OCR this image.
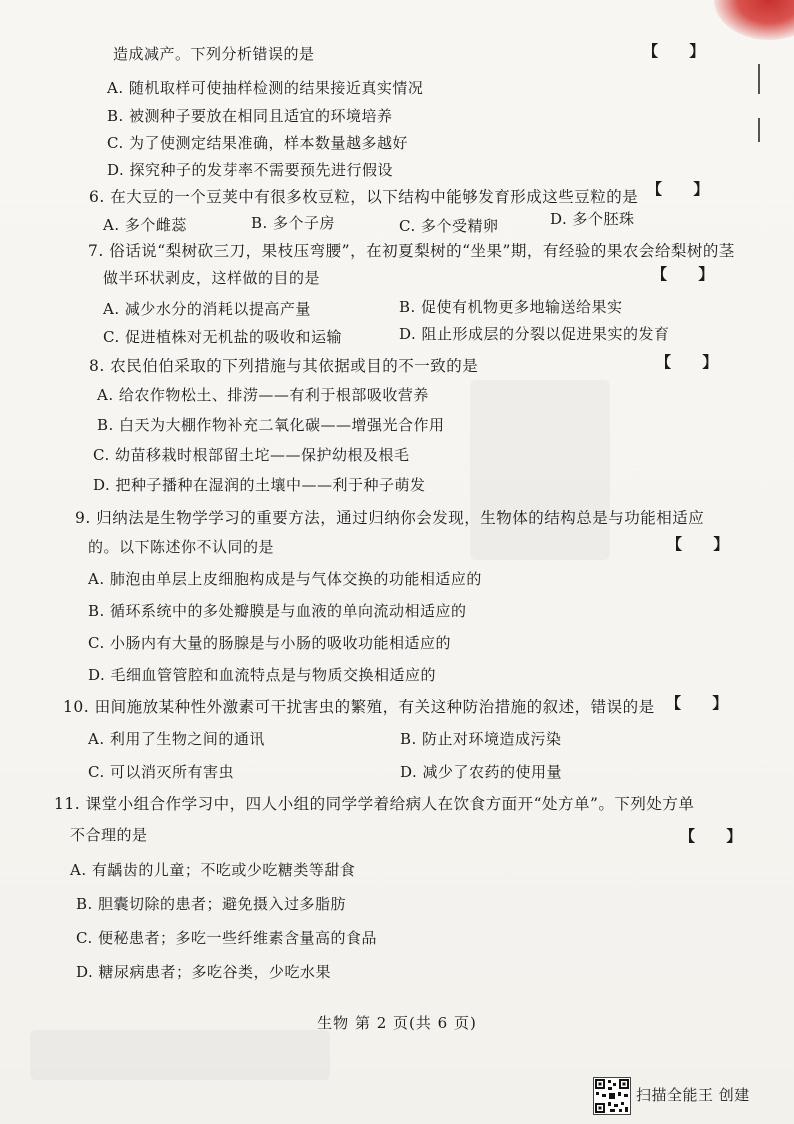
造成减产。下列分析错误的是
A. 随机取样可使抽样检测的结果接近真实情况
B. 被测种子要放在相同且适宜的环境培养
C. 为了使测定结果准确，样本数量越多越好
D. 探究种子的发芽率不需要预先进行假设
6. 在大豆的一个豆荚中有很多枚豆粒，以下结构中能够发育形成这些豆粒的是
A. 多个雌蕊	B. 多个子房	C. 多个受精卵	D. 多个胚珠
7. 俗话说“梨树砍三刀，果枝压弯腰”，在初夏梨树的“坐果”期，有经验的果农会给梨树的茎
做半环状剥皮，这样做的目的是
A. 减少水分的消耗以提高产量	B. 促使有机物更多地输送给果实
C. 促进植株对无机盐的吸收和运输	D. 阻止形成层的分裂以促进果实的发育
8. 农民伯伯采取的下列措施与其依据或目的不一致的是
A. 给农作物松土、排涝——有利于根部吸收营养
B. 白天为大棚作物补充二氧化碳——增强光合作用
C. 幼苗移栽时根部留土坨——保护幼根及根毛
D. 把种子播种在湿润的土壤中——利于种子萌发
9. 归纳法是生物学学习的重要方法，通过归纳你会发现，生物体的结构总是与功能相适应
的。以下陈述你不认同的是
A. 肺泡由单层上皮细胞构成是与气体交换的功能相适应的
B. 循环系统中的多处瓣膜是与血液的单向流动相适应的
C. 小肠内有大量的肠腺是与小肠的吸收功能相适应的
D. 毛细血管管腔和血流特点是与物质交换相适应的
10. 田间施放某种性外激素可干扰害虫的繁殖，有关这种防治措施的叙述，错误的是
A. 利用了生物之间的通讯	B. 防止对环境造成污染
C. 可以消灭所有害虫	D. 减少了农药的使用量
11. 课堂小组合作学习中，四人小组的同学学着给病人在饮食方面开“处方单”。下列处方单
不合理的是
A. 有龋齿的儿童；不吃或少吃糖类等甜食
B. 胆囊切除的患者；避免摄入过多脂肪
C. 便秘患者；多吃一些纤维素含量高的食品
D. 糖尿病患者；多吃谷类，少吃水果
【      】
【      】
【      】
【      】
【      】
【      】
【      】
生物 第 2 页(共 6 页)
扫描全能王 创建
